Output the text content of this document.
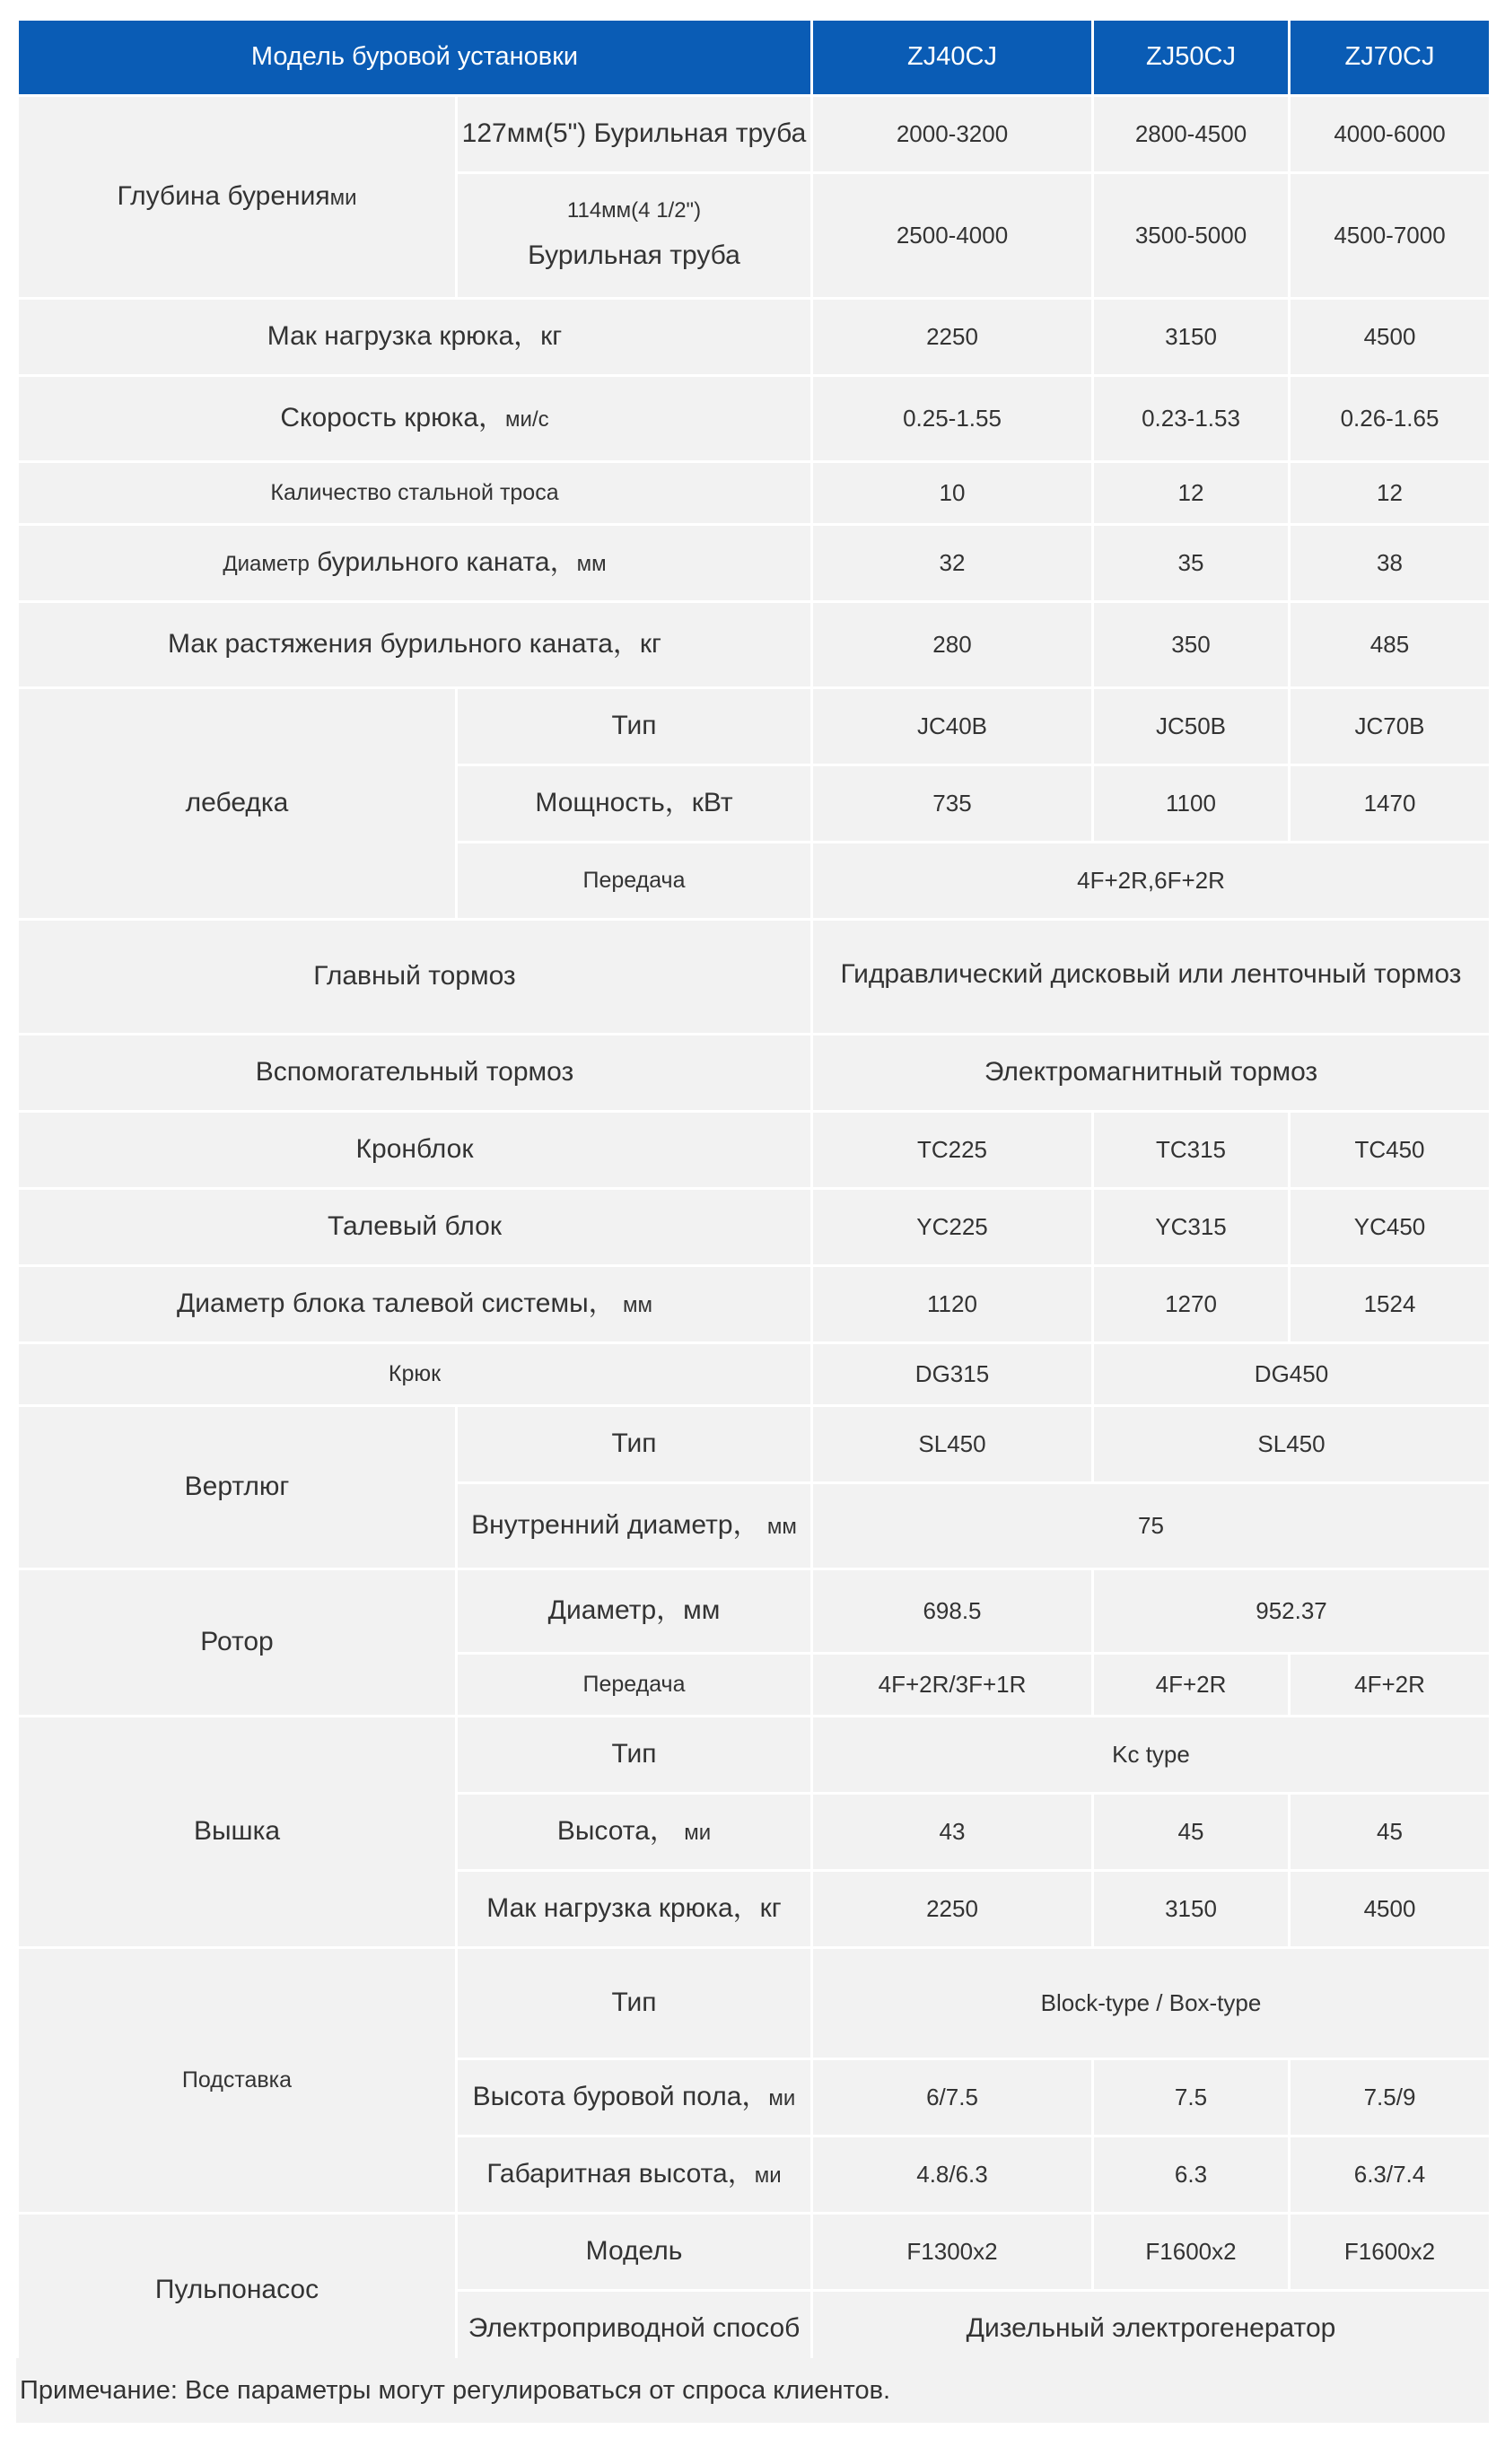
Модель буровой установки		ZJ40CJ	ZJ50CJ	ZJ70CJ
Глубина бурениями	127мм(5") Бурильная труба	2000-3200	2800-4500	4000-6000

	114мм(4 1/2")
Бурильная труба	2500-4000	3500-5000	4500-7000
Мак нагрузка крюка，кг		2250	3150	4500
Скорость крюка，ми/с		0.25-1.55	0.23-1.53	0.26-1.65
Каличество стальной троса		10	12	12
Диаметр бурильного каната，мм		32	35	38
Мак растяжения бурильного каната，кг		280	350	485
лебедка	Тип	JC40B	JC50B	JC70B
	Мощность，кВт	735	1100	1470
	Передача	4F+2R,6F+2R		
Главный тормоз		Гидравлический дисковый или ленточный тормоз		
Вспомогательный тормоз		Электромагнитный тормоз		
Кронблок		TC225	TC315	TC450
Талевый блок		YC225	YC315	YC450
Диаметр блока талевой системы， мм		1120	1270	1524
Крюк		DG315	DG450	
Вертлюг	Тип	SL450	SL450	
	Внутренний диаметр， мм	75		
Ротор	Диаметр，мм	698.5	952.37	
	Передача	4F+2R/3F+1R	4F+2R	4F+2R
Вышка	Тип	Kc type		
	Высота， ми	43	45	45
	Мак нагрузка крюка，кг	2250	3150	4500
Подставка	Тип	Block-type / Box-type		
	Высота буровой пола，ми	6/7.5	7.5	7.5/9
	Габаритная высота，ми	4.8/6.3	6.3	6.3/7.4
Пульпонасос	Модель	F1300x2	F1600x2	F1600x2
	Электроприводной способ	Дизельный электрогенератор		
Примечание: Все параметры могут регулироваться от спроса клиентов.
